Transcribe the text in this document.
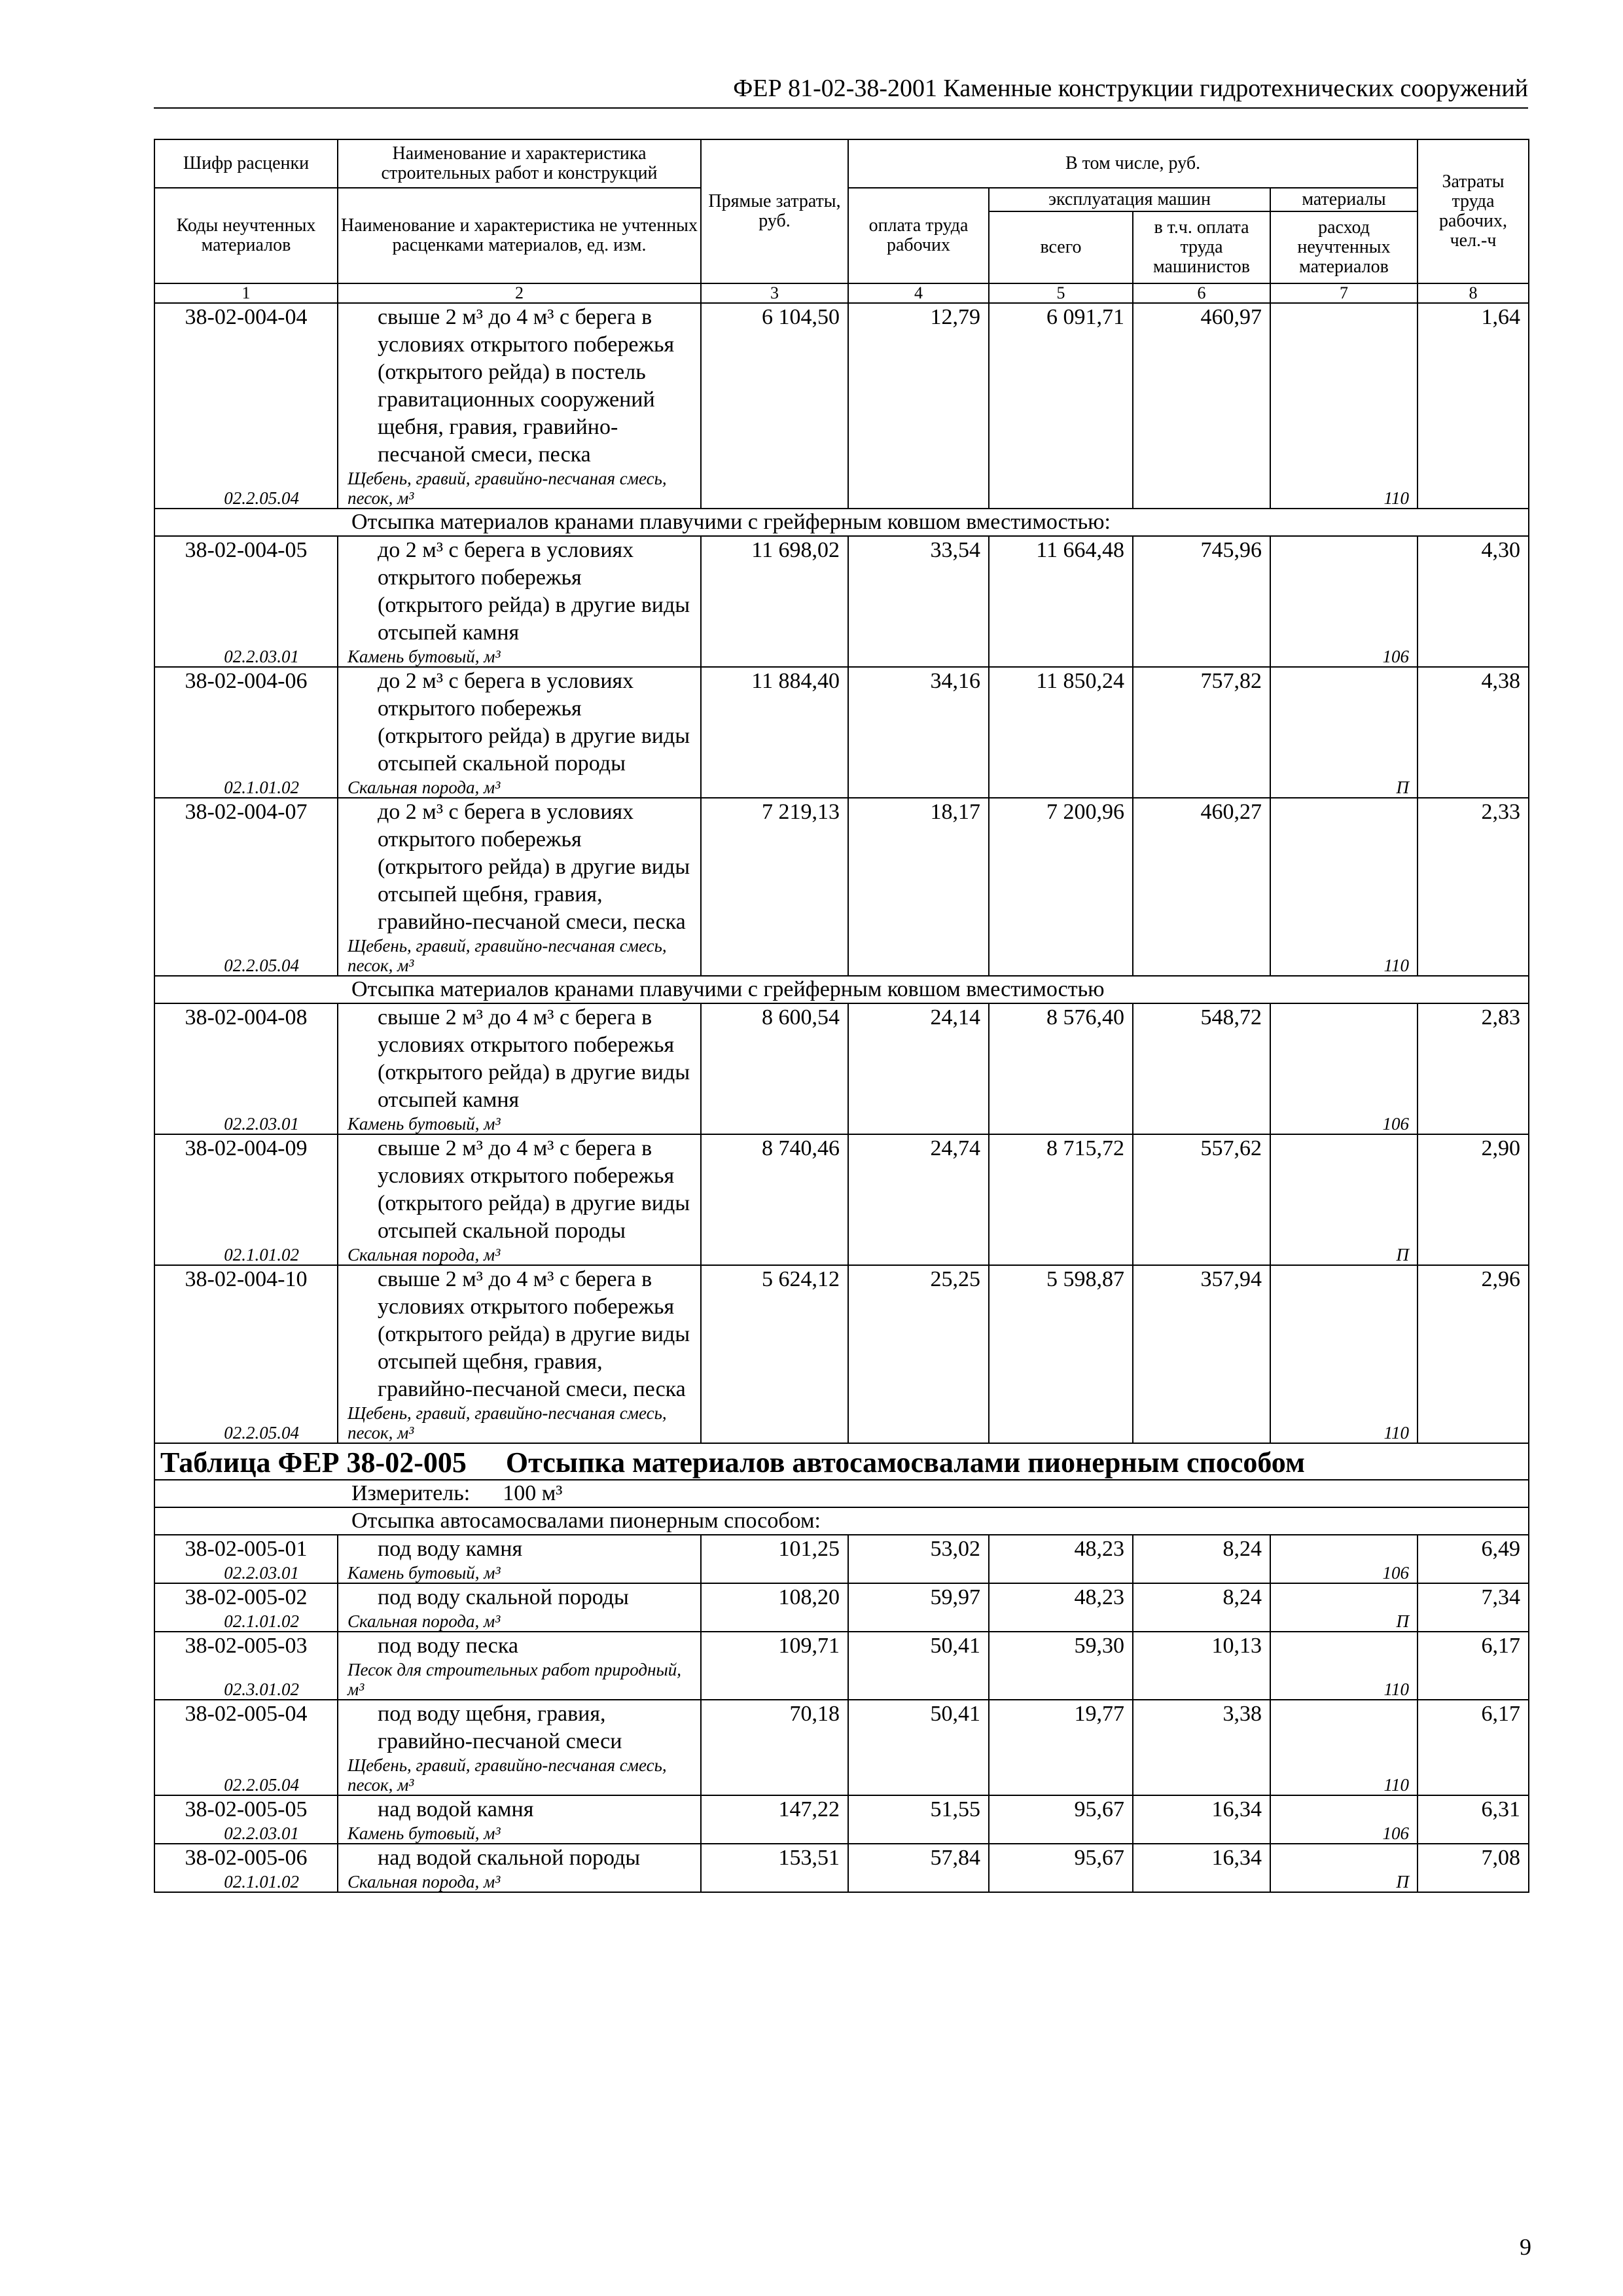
ФЕР 81-02-38-2001 Каменные конструкции гидротехнических сооружений
Шифр расценки	Наименование и характеристика строительных работ и конструкций	Прямые затраты, руб.	В том числе, руб.				Затраты труда рабочих, чел.-ч
Коды неучтенных материалов	Наименование и характеристика не учтенных расценками материалов, ед. изм.		оплата труда рабочих	эксплуатация машин		материалы	
				всего	в т.ч. оплата труда машинистов	расход неучтенных материалов	
1	2	3	4	5	6	7	8
38-02-004-04	свыше 2 м³ до 4 м³ с берега в условиях открытого побережья (открытого рейда) в постель гравитационных сооружений щебня, гравия, гравийно-песчаной смеси, песка	6 104,50	12,79	6 091,71	460,97		1,64
02.2.05.04	Щебень, гравий, гравийно-песчаная смесь, песок, м³					110	
Отсыпка материалов кранами плавучими с грейферным ковшом вместимостью:							
38-02-004-05	до 2 м³ с берега в условиях открытого побережья (открытого рейда) в другие виды отсыпей камня	11 698,02	33,54	11 664,48	745,96		4,30
02.2.03.01	Камень бутовый, м³					106	
38-02-004-06	до 2 м³ с берега в условиях открытого побережья (открытого рейда) в другие виды отсыпей скальной породы	11 884,40	34,16	11 850,24	757,82		4,38
02.1.01.02	Скальная порода, м³					П	
38-02-004-07	до 2 м³ с берега в условиях открытого побережья (открытого рейда) в другие виды отсыпей щебня, гравия, гравийно-песчаной смеси, песка	7 219,13	18,17	7 200,96	460,27		2,33
02.2.05.04	Щебень, гравий, гравийно-песчаная смесь, песок, м³					110	
Отсыпка материалов кранами плавучими с грейферным ковшом вместимостью							
38-02-004-08	свыше 2 м³ до 4 м³ с берега в условиях открытого побережья (открытого рейда) в другие виды отсыпей камня	8 600,54	24,14	8 576,40	548,72		2,83
02.2.03.01	Камень бутовый, м³					106	
38-02-004-09	свыше 2 м³ до 4 м³ с берега в условиях открытого побережья (открытого рейда) в другие виды отсыпей скальной породы	8 740,46	24,74	8 715,72	557,62		2,90
02.1.01.02	Скальная порода, м³					П	
38-02-004-10	свыше 2 м³ до 4 м³ с берега в условиях открытого побережья (открытого рейда) в другие виды отсыпей щебня, гравия, гравийно-песчаной смеси, песка	5 624,12	25,25	5 598,87	357,94		2,96
02.2.05.04	Щебень, гравий, гравийно-песчаная смесь, песок, м³					110	
Таблица ФЕР 38-02-005 Отсыпка материалов автосамосвалами пионерным способом							
Измеритель: 100 м³							
Отсыпка автосамосвалами пионерным способом:							
38-02-005-01	под воду камня	101,25	53,02	48,23	8,24		6,49
02.2.03.01	Камень бутовый, м³					106	
38-02-005-02	под воду скальной породы	108,20	59,97	48,23	8,24		7,34
02.1.01.02	Скальная порода, м³					П	
38-02-005-03	под воду песка	109,71	50,41	59,30	10,13		6,17
02.3.01.02	Песок для строительных работ природный, м³					110	
38-02-005-04	под воду щебня, гравия, гравийно-песчаной смеси	70,18	50,41	19,77	3,38		6,17
02.2.05.04	Щебень, гравий, гравийно-песчаная смесь, песок, м³					110	
38-02-005-05	над водой камня	147,22	51,55	95,67	16,34		6,31
02.2.03.01	Камень бутовый, м³					106	
38-02-005-06	над водой скальной породы	153,51	57,84	95,67	16,34		7,08
02.1.01.02	Скальная порода, м³					П	
9
